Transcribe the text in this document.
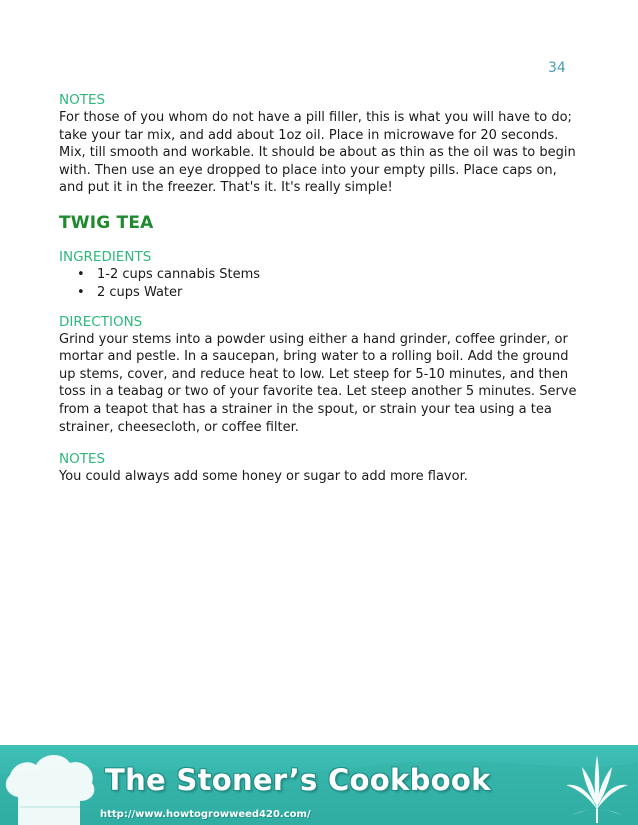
34
NOTES

For those of you whom do not have a pill filler, this is what you will have to do; take your tar mix, and add about 1oz oil. Place in microwave for 20 seconds. Mix, till smooth and workable. It should be about as thin as the oil was to begin with. Then use an eye dropped to place into your empty pills. Place caps on, and put it in the freezer. That's it. It's really simple!

TWIG TEA
INGREDIENTS
• 1-2 cups cannabis Stems
• 2 cups Water
DIRECTIONS

Grind your stems into a powder using either a hand grinder, coffee grinder, or mortar and pestle. In a saucepan, bring water to a rolling boil. Add the ground up stems, cover, and reduce heat to low. Let steep for 5-10 minutes, and then toss in a teabag or two of your favorite tea. Let steep another 5 minutes. Serve from a teapot that has a strainer in the spout, or strain your tea using a tea strainer, cheesecloth, or coffee filter.

NOTES

You could always add some honey or sugar to add more flavor.

The Stoner’s Cookbook
http://www.howtogrowweed420.com/
